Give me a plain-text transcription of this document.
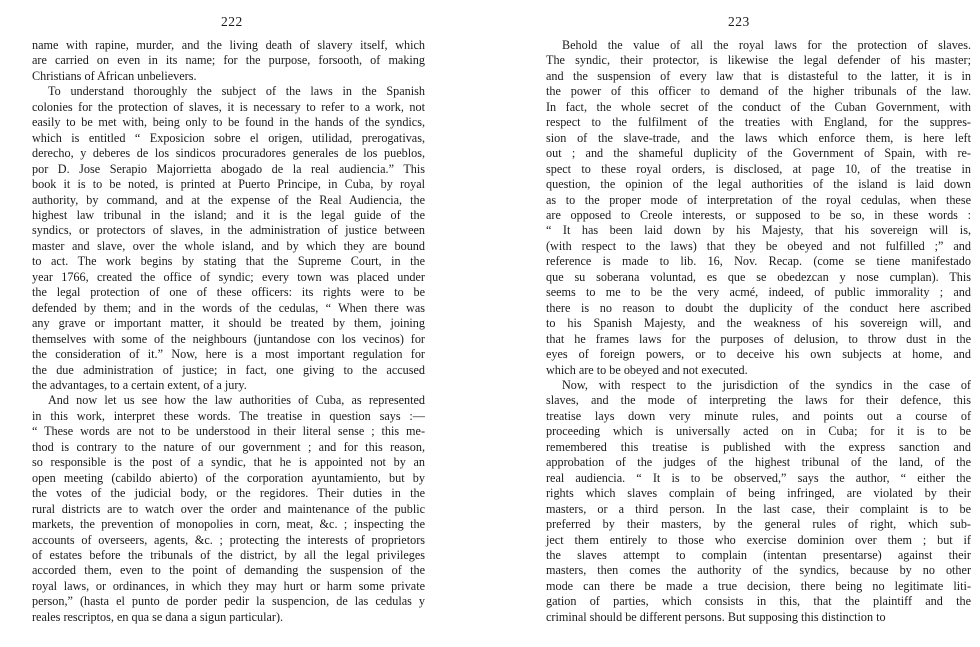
222
name with rapine, murder, and the living death of slavery itself, which
are carried on even in its name; for the purpose, forsooth, of making
Christians of African unbelievers.
To understand thoroughly the subject of the laws in the Spanish
colonies for the protection of slaves, it is necessary to refer to a work, not
easily to be met with, being only to be found in the hands of the syndics,
which is entitled “ Exposicion sobre el origen, utilidad, prerogativas,
derecho, y deberes de los sindicos procuradores generales de los pueblos,
por D. Jose Serapio Majorrietta abogado de la real audiencia.” This
book it is to be noted, is printed at Puerto Principe, in Cuba, by royal
authority, by command, and at the expense of the Real Audiencia, the
highest law tribunal in the island; and it is the legal guide of the
syndics, or protectors of slaves, in the administration of justice between
master and slave, over the whole island, and by which they are bound
to act. The work begins by stating that the Supreme Court, in the
year 1766, created the office of syndic; every town was placed under
the legal protection of one of these officers: its rights were to be
defended by them; and in the words of the cedulas, “ When there was
any grave or important matter, it should be treated by them, joining
themselves with some of the neighbours (juntandose con los vecinos) for
the consideration of it.” Now, here is a most important regulation for
the due administration of justice; in fact, one giving to the accused
the advantages, to a certain extent, of a jury.
And now let us see how the law authorities of Cuba, as represented
in this work, interpret these words. The treatise in question says :—
“ These words are not to be understood in their literal sense ; this me-
thod is contrary to the nature of our government ; and for this reason,
so responsible is the post of a syndic, that he is appointed not by an
open meeting (cabildo abierto) of the corporation ayuntamiento, but by
the votes of the judicial body, or the regidores. Their duties in the
rural districts are to watch over the order and maintenance of the public
markets, the prevention of monopolies in corn, meat, &c. ; inspecting the
accounts of overseers, agents, &c. ; protecting the interests of proprietors
of estates before the tribunals of the district, by all the legal privileges
accorded them, even to the point of demanding the suspension of the
royal laws, or ordinances, in which they may hurt or harm some private
person,” (hasta el punto de porder pedir la suspencion, de las cedulas y
reales rescriptos, en qua se dana a sigun particular).
223
Behold the value of all the royal laws for the protection of slaves.
The syndic, their protector, is likewise the legal defender of his master;
and the suspension of every law that is distasteful to the latter, it is in
the power of this officer to demand of the higher tribunals of the law.
In fact, the whole secret of the conduct of the Cuban Government, with
respect to the fulfilment of the treaties with England, for the suppres-
sion of the slave-trade, and the laws which enforce them, is here left
out ; and the shameful duplicity of the Government of Spain, with re-
spect to these royal orders, is disclosed, at page 10, of the treatise in
question, the opinion of the legal authorities of the island is laid down
as to the proper mode of interpretation of the royal cedulas, when these
are opposed to Creole interests, or supposed to be so, in these words :
“ It has been laid down by his Majesty, that his sovereign will is,
(with respect to the laws) that they be obeyed and not fulfilled ;” and
reference is made to lib. 16, Nov. Recap. (come se tiene manifestado
que su soberana voluntad, es que se obedezcan y nose cumplan). This
seems to me to be the very acmé, indeed, of public immorality ; and
there is no reason to doubt the duplicity of the conduct here ascribed
to his Spanish Majesty, and the weakness of his sovereign will, and
that he frames laws for the purposes of delusion, to throw dust in the
eyes of foreign powers, or to deceive his own subjects at home, and
which are to be obeyed and not executed.
Now, with respect to the jurisdiction of the syndics in the case of
slaves, and the mode of interpreting the laws for their defence, this
treatise lays down very minute rules, and points out a course of
proceeding which is universally acted on in Cuba; for it is to be
remembered this treatise is published with the express sanction and
approbation of the judges of the highest tribunal of the land, of the
real audiencia. “ It is to be observed,” says the author, “ either the
rights which slaves complain of being infringed, are violated by their
masters, or a third person. In the last case, their complaint is to be
preferred by their masters, by the general rules of right, which sub-
ject them entirely to those who exercise dominion over them ; but if
the slaves attempt to complain (intentan presentarse) against their
masters, then comes the authority of the syndics, because by no other
mode can there be made a true decision, there being no legitimate liti-
gation of parties, which consists in this, that the plaintiff and the
criminal should be different persons. But supposing this distinction to
